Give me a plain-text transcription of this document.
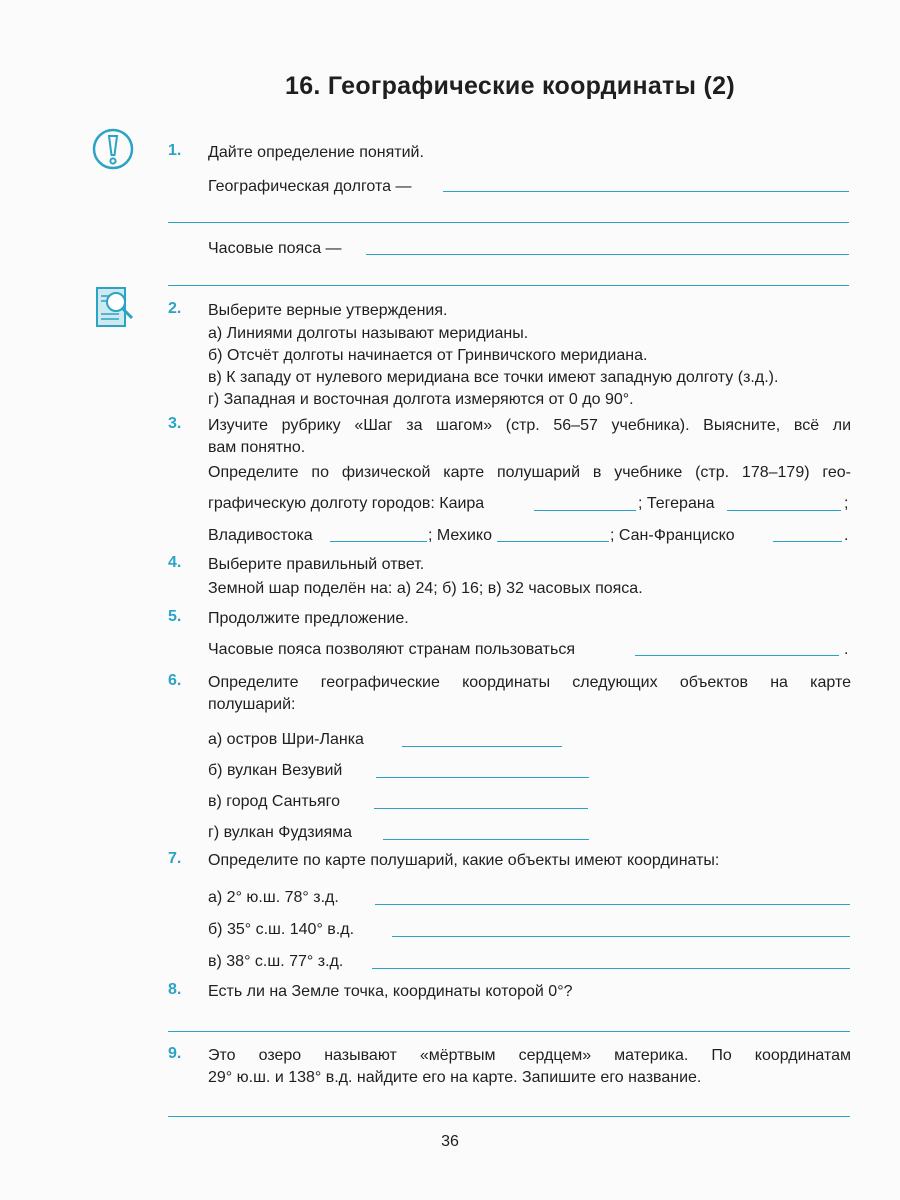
16. Географические координаты (2)
1. Дайте определение понятий.
Географическая долгота —
Часовые пояса —
2. Выберите верные утверждения.
а) Линиями долготы называют меридианы.
б) Отсчёт долготы начинается от Гринвичского меридиана.
в) К западу от нулевого меридиана все точки имеют западную долготу (з.д.).
г) Западная и восточная долгота измеряются от 0 до 90°.
3. Изучите рубрику «Шаг за шагом» (стр. 56–57 учебника). Выясните, всё ли
вам понятно.
Определите по физической карте полушарий в учебнике (стр. 178–179) гео-
графическую долготу городов: Каира	; Тегерана	;
Владивостока	; Мехико	; Сан-Франциско	.
4. Выберите правильный ответ.
Земной шар поделён на: а) 24; б) 16; в) 32 часовых пояса.
5. Продолжите предложение.
Часовые пояса позволяют странам пользоваться	.
6. Определите географические координаты следующих объектов на карте
полушарий:
а) остров Шри-Ланка
б) вулкан Везувий
в) город Сантьяго
г) вулкан Фудзияма
7. Определите по карте полушарий, какие объекты имеют координаты:
а) 2° ю.ш. 78° з.д.
б) 35° с.ш. 140° в.д.
в) 38° с.ш. 77° з.д.
8. Есть ли на Земле точка, координаты которой 0°?
9. Это озеро называют «мёртвым сердцем» материка. По координатам
29° ю.ш. и 138° в.д. найдите его на карте. Запишите его название.
36
